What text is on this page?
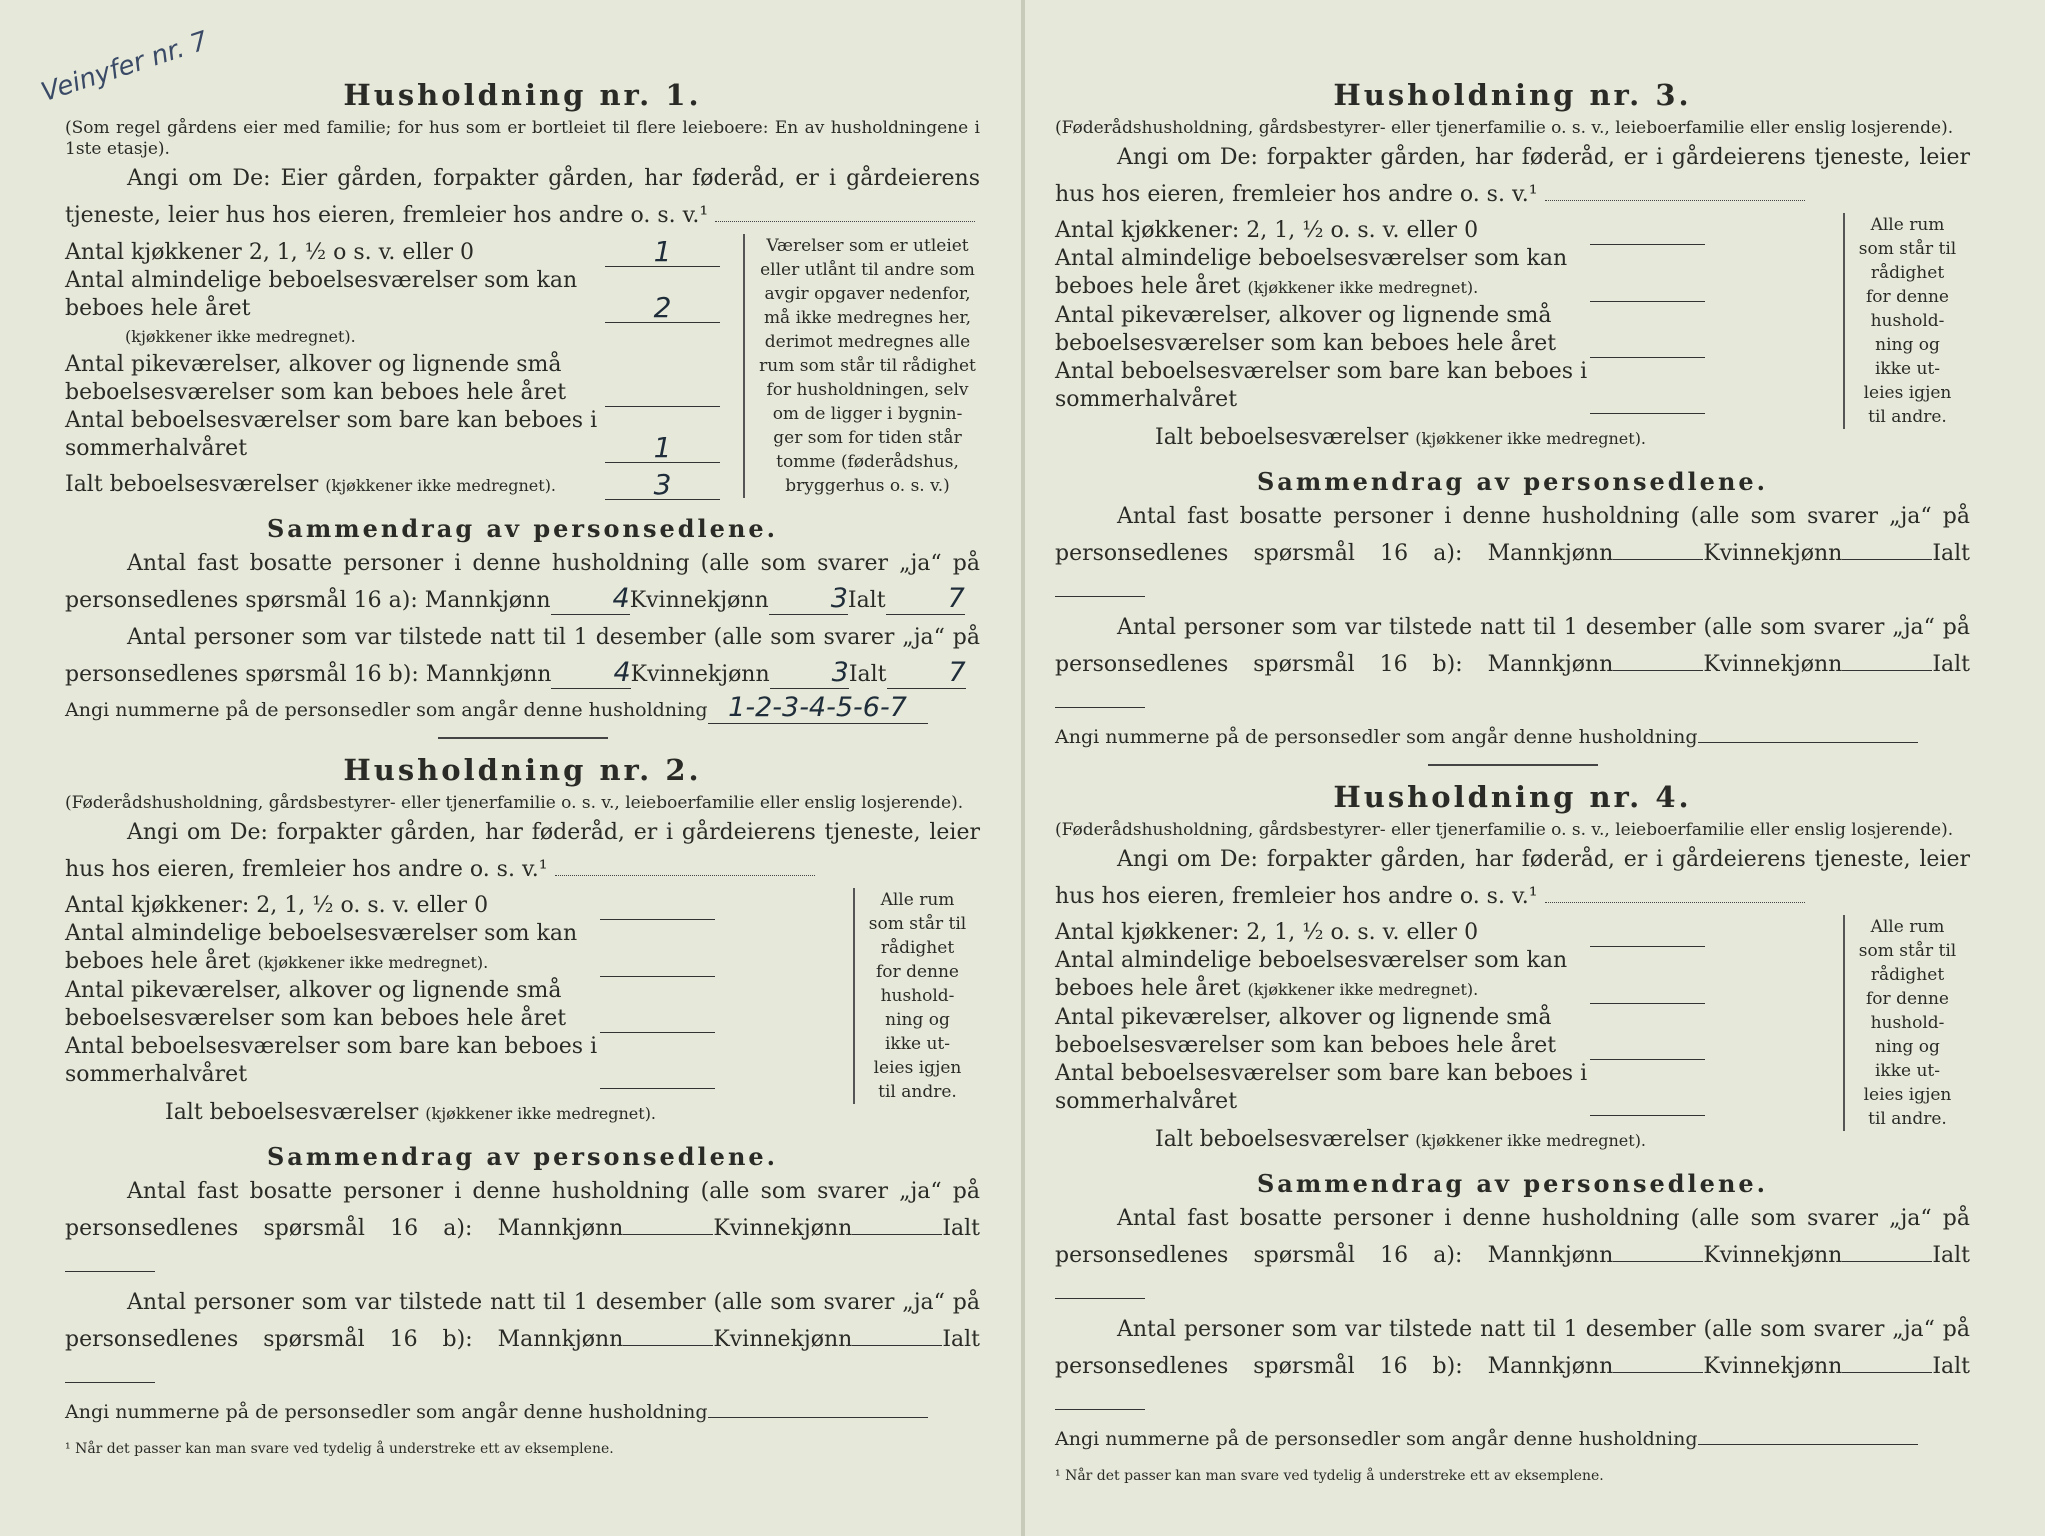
Veinyfer nr. 7	Husholdning nr. 1.
(Som regel gårdens eier med familie; for hus som er bortleiet til flere leieboere: En av husholdningene i 1ste etasje).

Angi om De: Eier gården, forpakter gården, har føderåd, er i gårdeierens tjeneste, leier hus hos eieren, fremleier hos andre o. s. v.¹

Antal kjøkkener 2, 1, ½ o s. v. eller 0	1
Antal almindelige beboelsesværelser som kan beboes hele året	2
(kjøkkener ikke medregnet).
Antal pikeværelser, alkover og lignende små beboelsesværelser som kan beboes hele året
Antal beboelsesværelser som bare kan beboes i sommerhalvåret	1
Ialt beboelsesværelser (kjøkkener ikke medregnet).	3
Værelser som er utleiet
eller utlånt til andre som
avgir opgaver nedenfor,
må ikke medregnes her,
derimot medregnes alle
rum som står til rådighet
for husholdningen, selv
om de ligger i bygnin-
ger som for tiden står
tomme (føderådshus,
bryggerhus o. s. v.)
Sammendrag av personsedlene.

Antal fast bosatte personer i denne husholdning (alle som svarer „ja“ på personsedlenes spørsmål 16 a): Mannkjønn 4Kvinnekjønn 3Ialt 7

Antal personer som var tilstede natt til 1 desember (alle som svarer „ja“ på personsedlenes spørsmål 16 b): Mannkjønn 4Kvinnekjønn 3Ialt 7

Angi nummerne på de personsedler som angår denne husholdning 1-2-3-4-5-6-7
Husholdning nr. 2.
(Føderådshusholdning, gårdsbestyrer- eller tjenerfamilie o. s. v., leieboerfamilie eller enslig losjerende).

Angi om De: forpakter gården, har føderåd, er i gårdeierens tjeneste, leier hus hos eieren, fremleier hos andre o. s. v.¹

Antal kjøkkener: 2, 1, ½ o. s. v. eller 0
Antal almindelige beboelsesværelser som kan beboes hele året (kjøkkener ikke medregnet).
Antal pikeværelser, alkover og lignende små beboelsesværelser som kan beboes hele året
Antal beboelsesværelser som bare kan beboes i sommerhalvåret
Ialt beboelsesværelser (kjøkkener ikke medregnet).
Alle rum
som står til
rådighet
for denne
hushold-
ning og
ikke ut-
leies igjen
til andre.
Sammendrag av personsedlene.

Antal fast bosatte personer i denne husholdning (alle som svarer „ja“ på personsedlenes spørsmål 16 a): Mannkjønn	Kvinnekjønn	Ialt

Antal personer som var tilstede natt til 1 desember (alle som svarer „ja“ på personsedlenes spørsmål 16 b): Mannkjønn	Kvinnekjønn	Ialt

Angi nummerne på de personsedler som angår denne husholdning
¹ Når det passer kan man svare ved tydelig å understreke ett av eksemplene.
Husholdning nr. 3.
(Føderådshusholdning, gårdsbestyrer- eller tjenerfamilie o. s. v., leieboerfamilie eller enslig losjerende).

Angi om De: forpakter gården, har føderåd, er i gårdeierens tjeneste, leier hus hos eieren, fremleier hos andre o. s. v.¹

Antal kjøkkener: 2, 1, ½ o. s. v. eller 0
Antal almindelige beboelsesværelser som kan beboes hele året (kjøkkener ikke medregnet).
Antal pikeværelser, alkover og lignende små beboelsesværelser som kan beboes hele året
Antal beboelsesværelser som bare kan beboes i sommerhalvåret
Ialt beboelsesværelser (kjøkkener ikke medregnet).
Alle rum
som står til
rådighet
for denne
hushold-
ning og
ikke ut-
leies igjen
til andre.
Sammendrag av personsedlene.

Antal fast bosatte personer i denne husholdning (alle som svarer „ja“ på personsedlenes spørsmål 16 a): Mannkjønn	Kvinnekjønn	Ialt

Antal personer som var tilstede natt til 1 desember (alle som svarer „ja“ på personsedlenes spørsmål 16 b): Mannkjønn	Kvinnekjønn	Ialt

Angi nummerne på de personsedler som angår denne husholdning
Husholdning nr. 4.
(Føderådshusholdning, gårdsbestyrer- eller tjenerfamilie o. s. v., leieboerfamilie eller enslig losjerende).

Angi om De: forpakter gården, har føderåd, er i gårdeierens tjeneste, leier hus hos eieren, fremleier hos andre o. s. v.¹

Antal kjøkkener: 2, 1, ½ o. s. v. eller 0
Antal almindelige beboelsesværelser som kan beboes hele året (kjøkkener ikke medregnet).
Antal pikeværelser, alkover og lignende små beboelsesværelser som kan beboes hele året
Antal beboelsesværelser som bare kan beboes i sommerhalvåret
Ialt beboelsesværelser (kjøkkener ikke medregnet).
Alle rum
som står til
rådighet
for denne
hushold-
ning og
ikke ut-
leies igjen
til andre.
Sammendrag av personsedlene.

Antal fast bosatte personer i denne husholdning (alle som svarer „ja“ på personsedlenes spørsmål 16 a): Mannkjønn	Kvinnekjønn	Ialt

Antal personer som var tilstede natt til 1 desember (alle som svarer „ja“ på personsedlenes spørsmål 16 b): Mannkjønn	Kvinnekjønn	Ialt

Angi nummerne på de personsedler som angår denne husholdning
¹ Når det passer kan man svare ved tydelig å understreke ett av eksemplene.
